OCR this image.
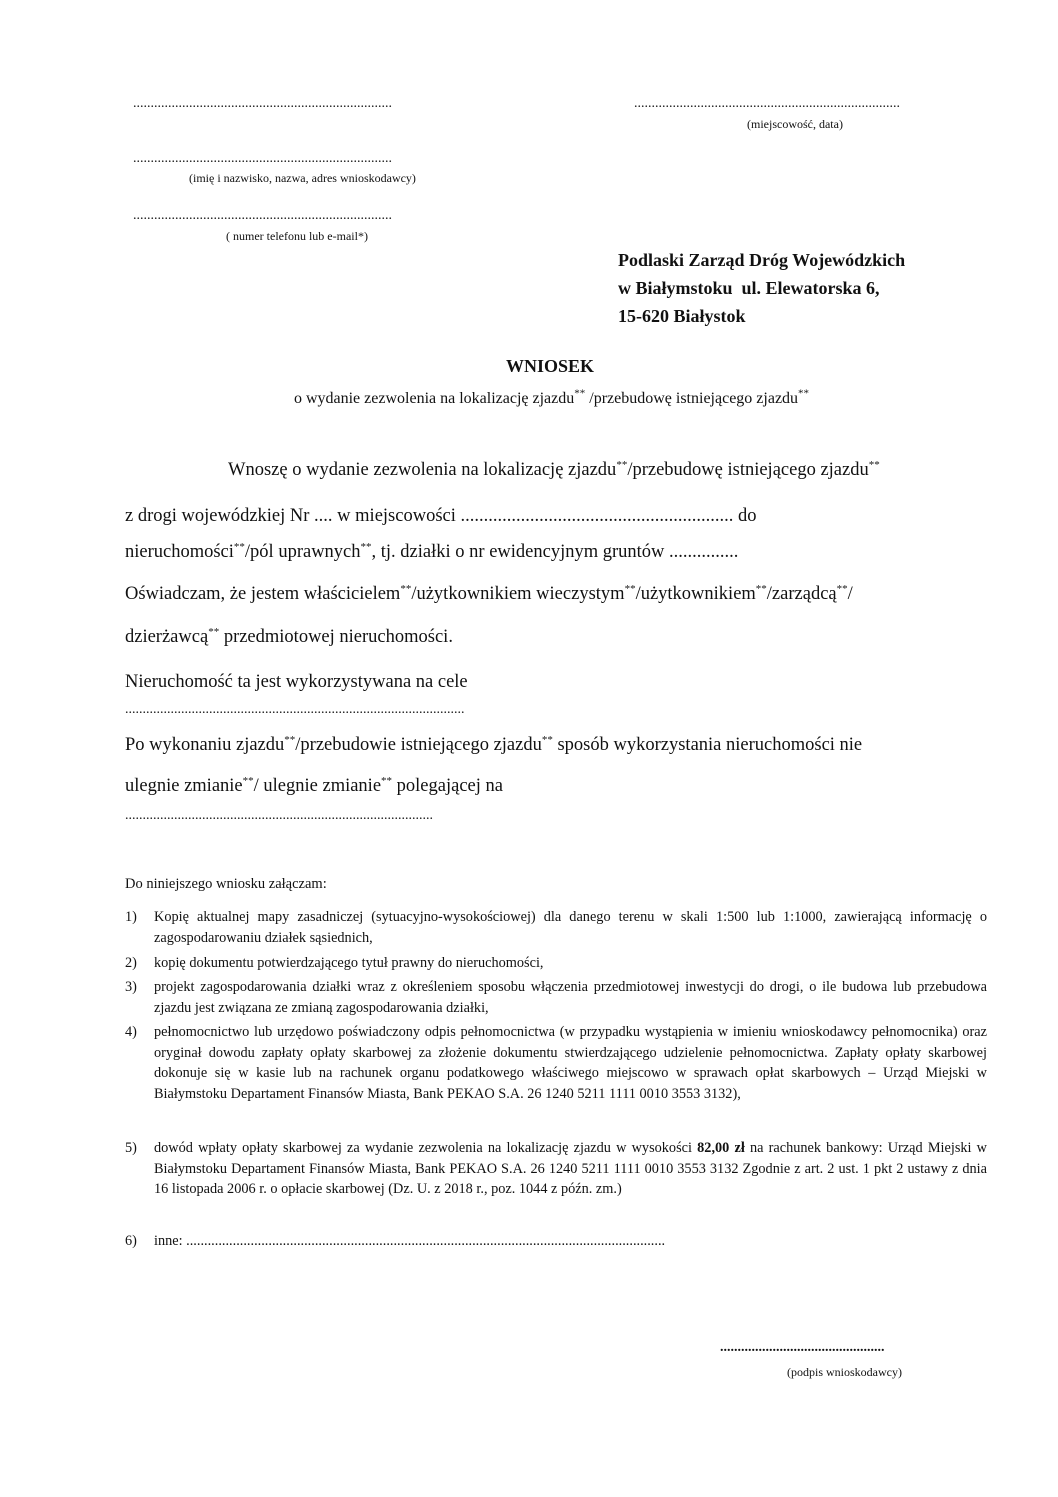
..........................................................................
..........................................................................
(imię i nazwisko, nazwa, adres wnioskodawcy)
..........................................................................
( numer telefonu lub e-mail*)
............................................................................
(miejscowość, data)
Podlaski Zarząd Dróg Wojewódzkich
w Białymstoku  ul. Elewatorska 6,
15-620 Białystok
WNIOSEK
o wydanie zezwolenia na lokalizację zjazdu** /przebudowę istniejącego zjazdu**
Wnoszę o wydanie zezwolenia na lokalizację zjazdu**/przebudowę istniejącego zjazdu**
z drogi wojewódzkiej Nr .... w miejscowości ........................................................... do
nieruchomości**/pól uprawnych**, tj. działki o nr ewidencyjnym gruntów ...............
Oświadczam, że jestem właścicielem**/użytkownikiem wieczystym**/użytkownikiem**/zarządcą**/
dzierżawcą** przedmiotowej nieruchomości.
Nieruchomość ta jest wykorzystywana na cele
.................................................................................................
Po wykonaniu zjazdu**/przebudowie istniejącego zjazdu** sposób wykorzystania nieruchomości nie
ulegnie zmianie**/ ulegnie zmianie** polegającej na
........................................................................................
Do niniejszego wniosku załączam:
1) Kopię aktualnej mapy zasadniczej (sytuacyjno-wysokościowej) dla danego terenu w skali 1:500 lub 1:1000, zawierającą informację o zagospodarowaniu działek sąsiednich,
2) kopię dokumentu potwierdzającego tytuł prawny do nieruchomości,
3) projekt zagospodarowania działki wraz z określeniem sposobu włączenia przedmiotowej inwestycji do drogi, o ile budowa lub przebudowa zjazdu jest związana ze zmianą zagospodarowania działki,
4) pełnomocnictwo lub urzędowo poświadczony odpis pełnomocnictwa (w przypadku wystąpienia w imieniu wnioskodawcy pełnomocnika) oraz oryginał dowodu zapłaty opłaty skarbowej za złożenie dokumentu stwierdzającego udzielenie pełnomocnictwa. Zapłaty opłaty skarbowej dokonuje się w kasie lub na rachunek organu podatkowego właściwego miejscowo w sprawach opłat skarbowych – Urząd Miejski w Białymstoku Departament Finansów Miasta, Bank PEKAO S.A. 26 1240 5211 1111 0010 3553 3132),
5) dowód wpłaty opłaty skarbowej za wydanie zezwolenia na lokalizację zjazdu w wysokości 82,00 zł na rachunek bankowy: Urząd Miejski w Białymstoku Departament Finansów Miasta, Bank PEKAO S.A. 26 1240 5211 1111 0010 3553 3132 Zgodnie z art. 2 ust. 1 pkt 2 ustawy z dnia 16 listopada 2006 r. o opłacie skarbowej (Dz. U. z 2018 r., poz. 1044 z późn. zm.)
6) inne: ......................................................................................................................................
...............................................
(podpis wnioskodawcy)
